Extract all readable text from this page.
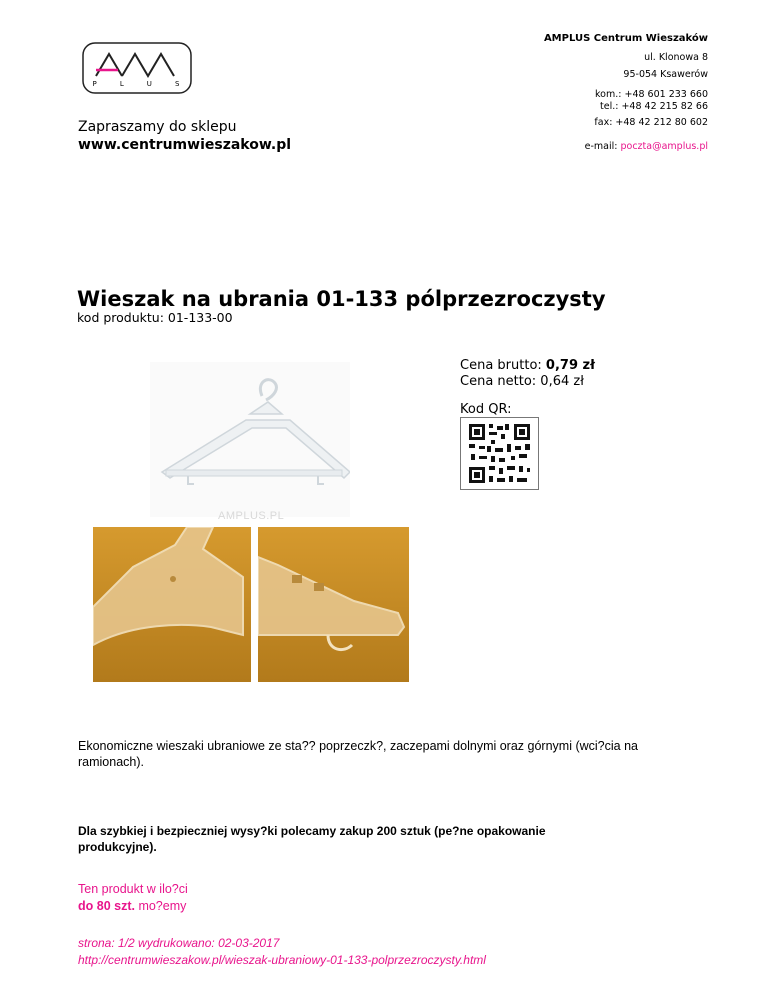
P	L	U	S
AMPLUS Centrum Wieszaków
ul. Klonowa 8
95-054 Ksawerów
kom.: +48 601 233 660
tel.: +48 42 215 82 66
fax: +48 42 212 80 602
e-mail: poczta@amplus.pl
Zapraszamy do sklepu
www.centrumwieszakow.pl
Wieszak na ubrania 01-133 pólprzezroczysty
kod produktu: 01-133-00
AMPLUS.PL
Cena brutto: 0,79 zł
Cena netto: 0,64 zł
Kod QR:
Ekonomiczne wieszaki ubraniowe ze sta?? poprzeczk?, zaczepami dolnymi oraz górnymi (wci?cia na ramionach).
Dla szybkiej i bezpieczniej wysy?ki polecamy zakup 200 sztuk (pe?ne opakowanie produkcyjne).
Ten produkt w ilo?ci
do 80 szt. mo?emy
strona: 1/2 wydrukowano: 02-03-2017
http://centrumwieszakow.pl/wieszak-ubraniowy-01-133-polprzezroczysty.html
